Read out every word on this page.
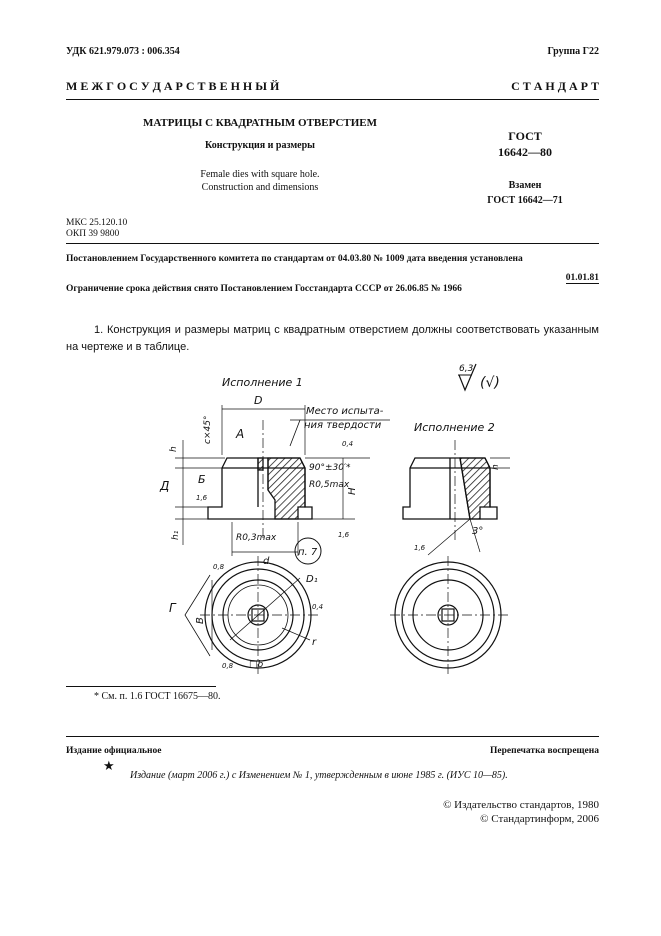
УДК 621.979.073 : 006.354	Группа Г22
М Е Ж Г О С У Д А Р С Т В Е Н Н Ы Й	С Т А Н Д А Р Т
МАТРИЦЫ С КВАДРАТНЫМ ОТВЕРСТИЕМ
Конструкция и размеры
Female dies with square hole.
Construction and dimensions
ГОСТ
16642—80
Взамен
ГОСТ 16642—71
МКС 25.120.10
ОКП 39 9800
Постановлением Государственного комитета по стандартам от 04.03.80 № 1009 дата введения установлена
01.01.81
Ограничение срока действия снято Постановлением Госстандарта СССР от 26.06.85 № 1966
1. Конструкция и размеры матриц с квадратным отверстием должны соответствовать указанным на чертеже и в таблице.
Исполнение 1
Исполнение 2
6,3
(√)
D
Место испыта-
ния твердости
А
Б
Д
h
h₁
H
c×45°
90°±30′*
R0,5max
R0,3max
d
0,4
1,6
1,6
п. 7
Г
B
D₁
r
□b
0,4
0,8
0,8
h
3°
1,6
* См. п. 1.6 ГОСТ 16675—80.
Издание официальное	Перепечатка воспрещена
★
Издание (март 2006 г.) с Изменением № 1, утвержденным в июне 1985 г. (ИУС 10—85).
© Издательство стандартов, 1980
© Стандартинформ, 2006
